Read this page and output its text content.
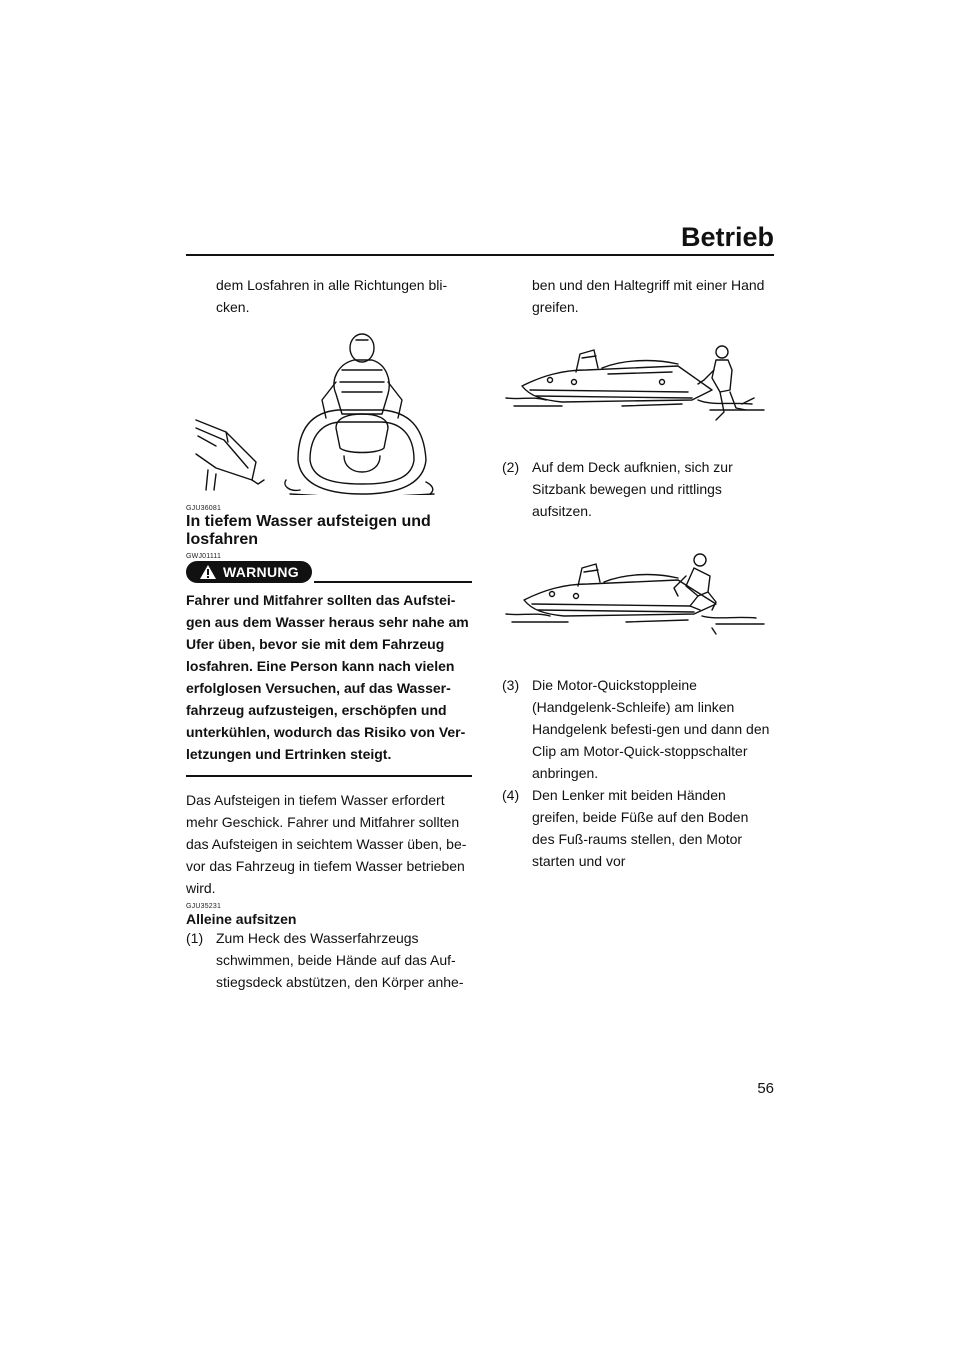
Betrieb

dem Losfahren in alle Richtungen bli-
cken.

GJU36081
In tiefem Wasser aufsteigen und losfahren
GWJ01111
WARNUNG

Fahrer und Mitfahrer sollten das Aufstei-gen aus dem Wasser heraus sehr nahe am Ufer üben, bevor sie mit dem Fahrzeug losfahren. Eine Person kann nach vielen erfolglosen Versuchen, auf das Wasser-fahrzeug aufzusteigen, erschöpfen und unterkühlen, wodurch das Risiko von Ver-letzungen und Ertrinken steigt.

Das Aufsteigen in tiefem Wasser erfordert mehr Geschick. Fahrer und Mitfahrer sollten das Aufsteigen in seichtem Wasser üben, be-vor das Fahrzeug in tiefem Wasser betrieben wird.

GJU35231
Alleine aufsitzen
(1) Zum Heck des Wasserfahrzeugs schwimmen, beide Hände auf das Auf-stiegsdeck abstützen, den Körper anhe-

ben und den Haltegriff mit einer Hand greifen.

(2) Auf dem Deck aufknien, sich zur Sitzbank bewegen und rittlings aufsitzen.
(3) Die Motor-Quickstoppleine (Handgelenk-Schleife) am linken Handgelenk befesti-gen und dann den Clip am Motor-Quick-stoppschalter anbringen.
(4) Den Lenker mit beiden Händen greifen, beide Füße auf den Boden des Fuß-raums stellen, den Motor starten und vor
56
